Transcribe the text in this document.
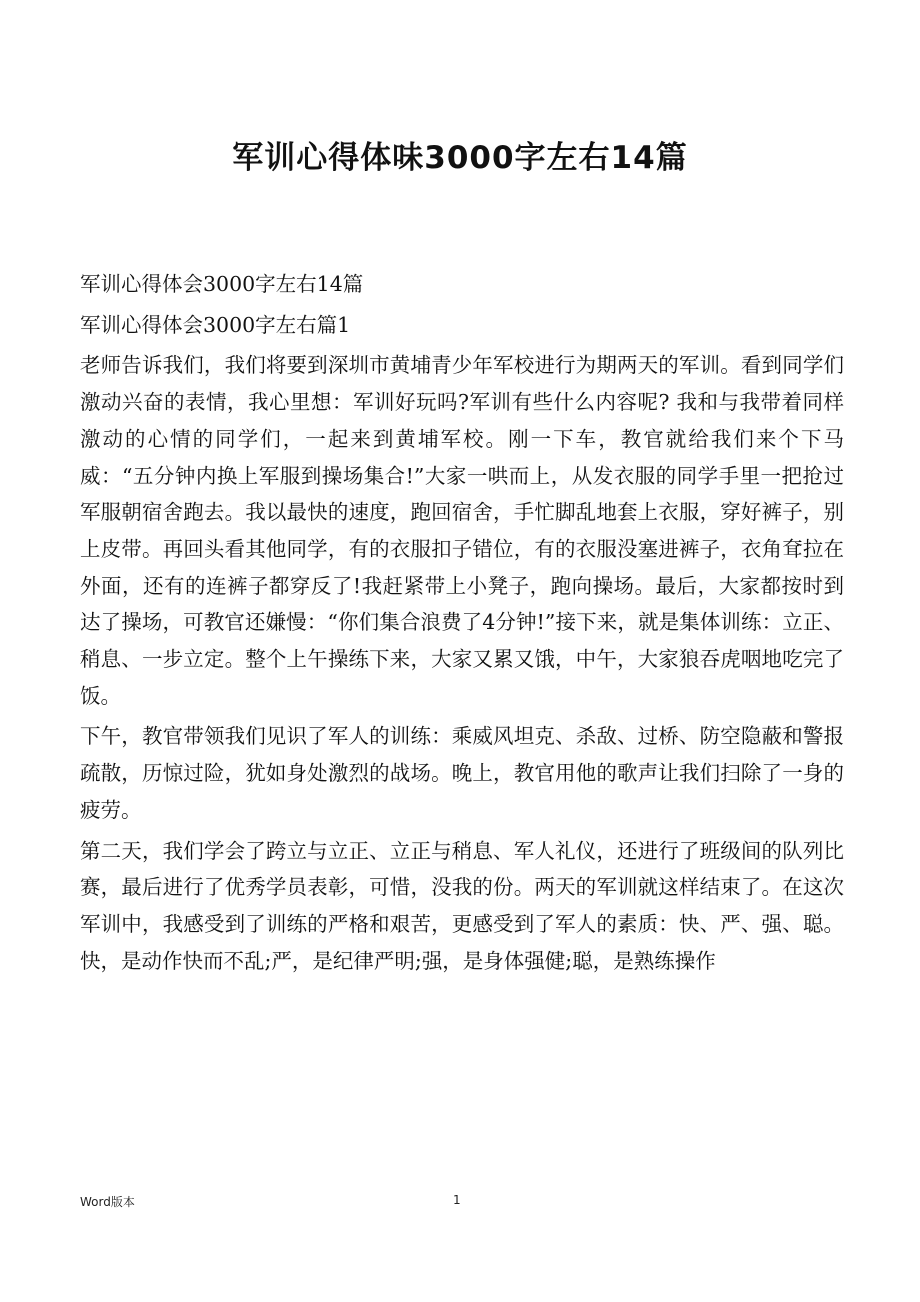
军训心得体味3000字左右14篇

军训心得体会3000字左右14篇

军训心得体会3000字左右篇1

老师告诉我们，我们将要到深圳市黄埔青少年军校进行为期两天的军训。看到同学们激动兴奋的表情，我心里想：军训好玩吗?军训有些什么内容呢? 我和与我带着同样激动的心情的同学们，一起来到黄埔军校。刚一下车，教官就给我们来个下马威：“五分钟内换上军服到操场集合!”大家一哄而上，从发衣服的同学手里一把抢过军服朝宿舍跑去。我以最快的速度，跑回宿舍，手忙脚乱地套上衣服，穿好裤子，别上皮带。再回头看其他同学，有的衣服扣子错位，有的衣服没塞进裤子，衣角耷拉在外面，还有的连裤子都穿反了!我赶紧带上小凳子，跑向操场。最后，大家都按时到达了操场，可教官还嫌慢：“你们集合浪费了4分钟!”接下来，就是集体训练：立正、稍息、一步立定。整个上午操练下来，大家又累又饿，中午，大家狼吞虎咽地吃完了饭。

下午，教官带领我们见识了军人的训练：乘威风坦克、杀敌、过桥、防空隐蔽和警报疏散，历惊过险，犹如身处激烈的战场。晚上，教官用他的歌声让我们扫除了一身的疲劳。

第二天，我们学会了跨立与立正、立正与稍息、军人礼仪，还进行了班级间的队列比赛，最后进行了优秀学员表彰，可惜，没我的份。两天的军训就这样结束了。在这次军训中，我感受到了训练的严格和艰苦，更感受到了军人的素质：快、严、强、聪。快，是动作快而不乱;严，是纪律严明;强，是身体强健;聪，是熟练操作

Word版本	1
